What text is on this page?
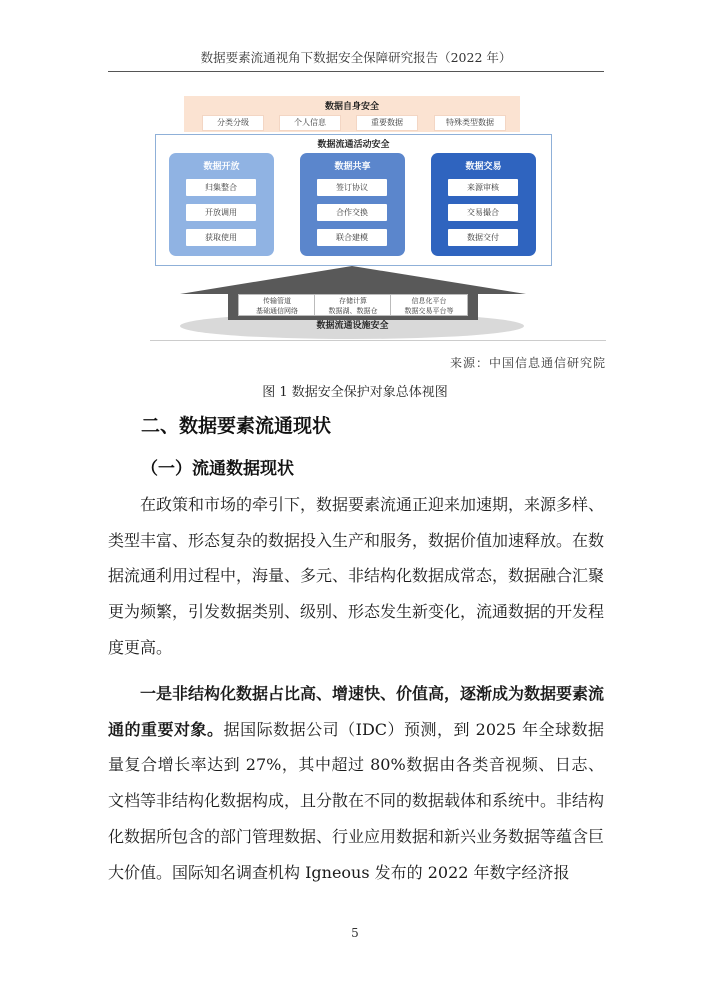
数据要素流通视角下数据安全保障研究报告（2022 年）
数据自身安全
分类分级	个人信息	重要数据	特殊类型数据
数据流通活动安全
数据开放
归集整合
开放调用
获取使用
数据共享
签订协议
合作交换
联合建模
数据交易
来源审核
交易撮合
数据交付
传输管道
基础通信网络
存储计算
数据湖、数据仓
信息化平台
数据交易平台等
数据流通设施安全
来源：中国信息通信研究院
图 1 数据安全保护对象总体视图
二、数据要素流通现状
（一）流通数据现状

在政策和市场的牵引下，数据要素流通正迎来加速期，来源多样、类型丰富、形态复杂的数据投入生产和服务，数据价值加速释放。在数据流通利用过程中，海量、多元、非结构化数据成常态，数据融合汇聚更为频繁，引发数据类别、级别、形态发生新变化，流通数据的开发程度更高。

一是非结构化数据占比高、增速快、价值高，逐渐成为数据要素流通的重要对象。据国际数据公司（IDC）预测，到 2025 年全球数据量复合增长率达到 27%，其中超过 80%数据由各类音视频、日志、文档等非结构化数据构成，且分散在不同的数据载体和系统中。非结构化数据所包含的部门管理数据、行业应用数据和新兴业务数据等蕴含巨大价值。国际知名调查机构 Igneous 发布的 2022 年数字经济报

5
